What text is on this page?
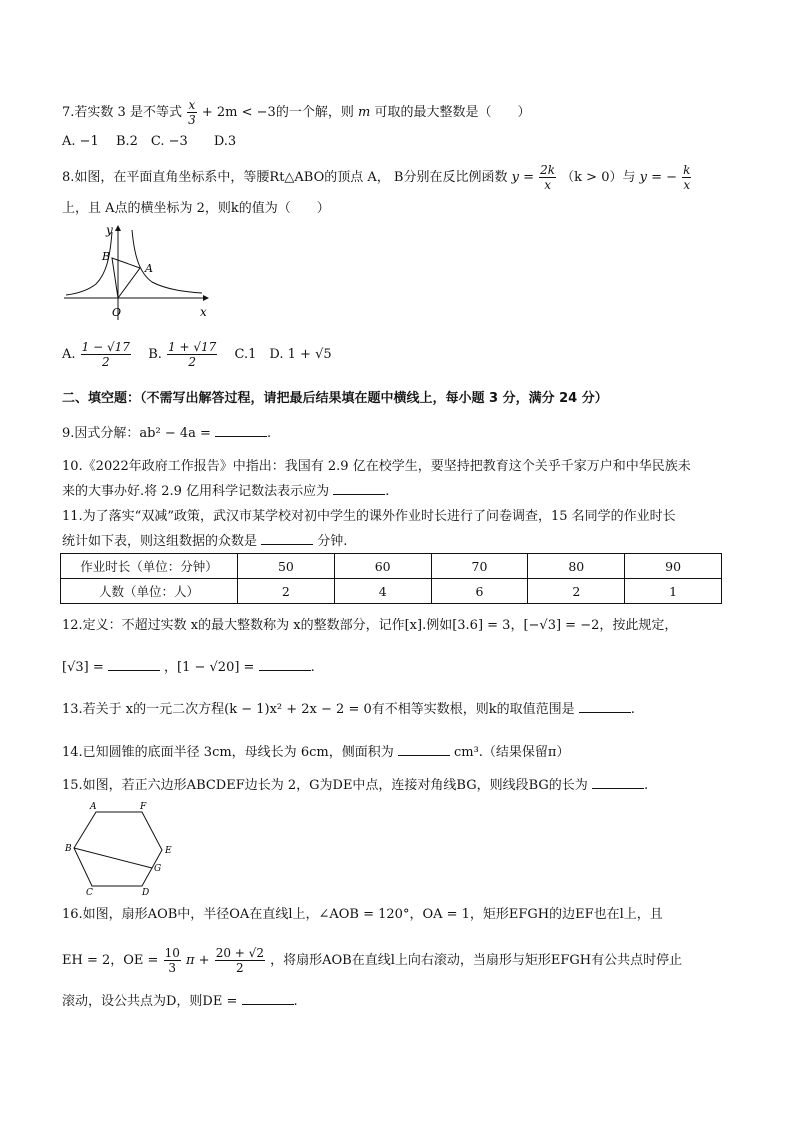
7.若实数 3 是不等式 $\frac{x}{3} + 2m < -3$的一个解，则 m 可取的最大整数是（　　）
A. −1　 B.2　C. −3　　D.3
8.如图，在平面直角坐标系中，等腰Rt△ABO的顶点 A， B分别在反比例函数 $y = \frac{2k}{x} (k > 0)$与 y = − $\frac{k}{x}$
上，且 A点的横坐标为 2，则k的值为（　　）
y
B
A
O	x
A. $\frac{1 - √17}{2} B$. $\frac{1 + √17}{2} C.1$　D. 1 + √5
二、填空题：（不需写出解答过程，请把最后结果填在题中横线上，每小题 3 分，满分 24 分）
9.因式分解：ab² − 4a =	.
10.《2022年政府工作报告》中指出：我国有 2.9 亿在校学生，要坚持把教育这个关乎千家万户和中华民族未
来的大事办好.将 2.9 亿用科学记数法表示应为	.
11.为了落实“双减”政策，武汉市某学校对初中学生的课外作业时长进行了问卷调查，15 名同学的作业时长
统计如下表，则这组数据的众数是	分钟.
作业时长（单位：分钟）	50	60	70	80	90
人数（单位：人）	2	4	6	2	1
12.定义：不超过实数 x的最大整数称为 x的整数部分，记作[x].例如[3.6] = 3，[−√3] = −2，按此规定，
[√3] =	，[1 − √20] =	.
13.若关于 x的一元二次方程(k − 1)x² + 2x − 2 = 0有不相等实数根，则k的取值范围是	.
14.已知圆锥的底面半径 3cm，母线长为 6cm，侧面积为	cm³.（结果保留π）
15.如图，若正六边形ABCDEF边长为 2，G为DE中点，连接对角线BG，则线段BG的长为	.
A	F
B	E
G
C	D
16.如图，扇形AOB中，半径OA在直线l上，∠AOB = 120°，OA = 1，矩形EFGH的边EF也在l上，且
EH = 2，OE = $\frac{10}{3}$ $\pi + \frac{20 + √2}{2}$ ，将扇形AOB在直线l上向右滚动，当扇形与矩形EFGH有公共点时停止
滚动，设公共点为D，则DE =	.
